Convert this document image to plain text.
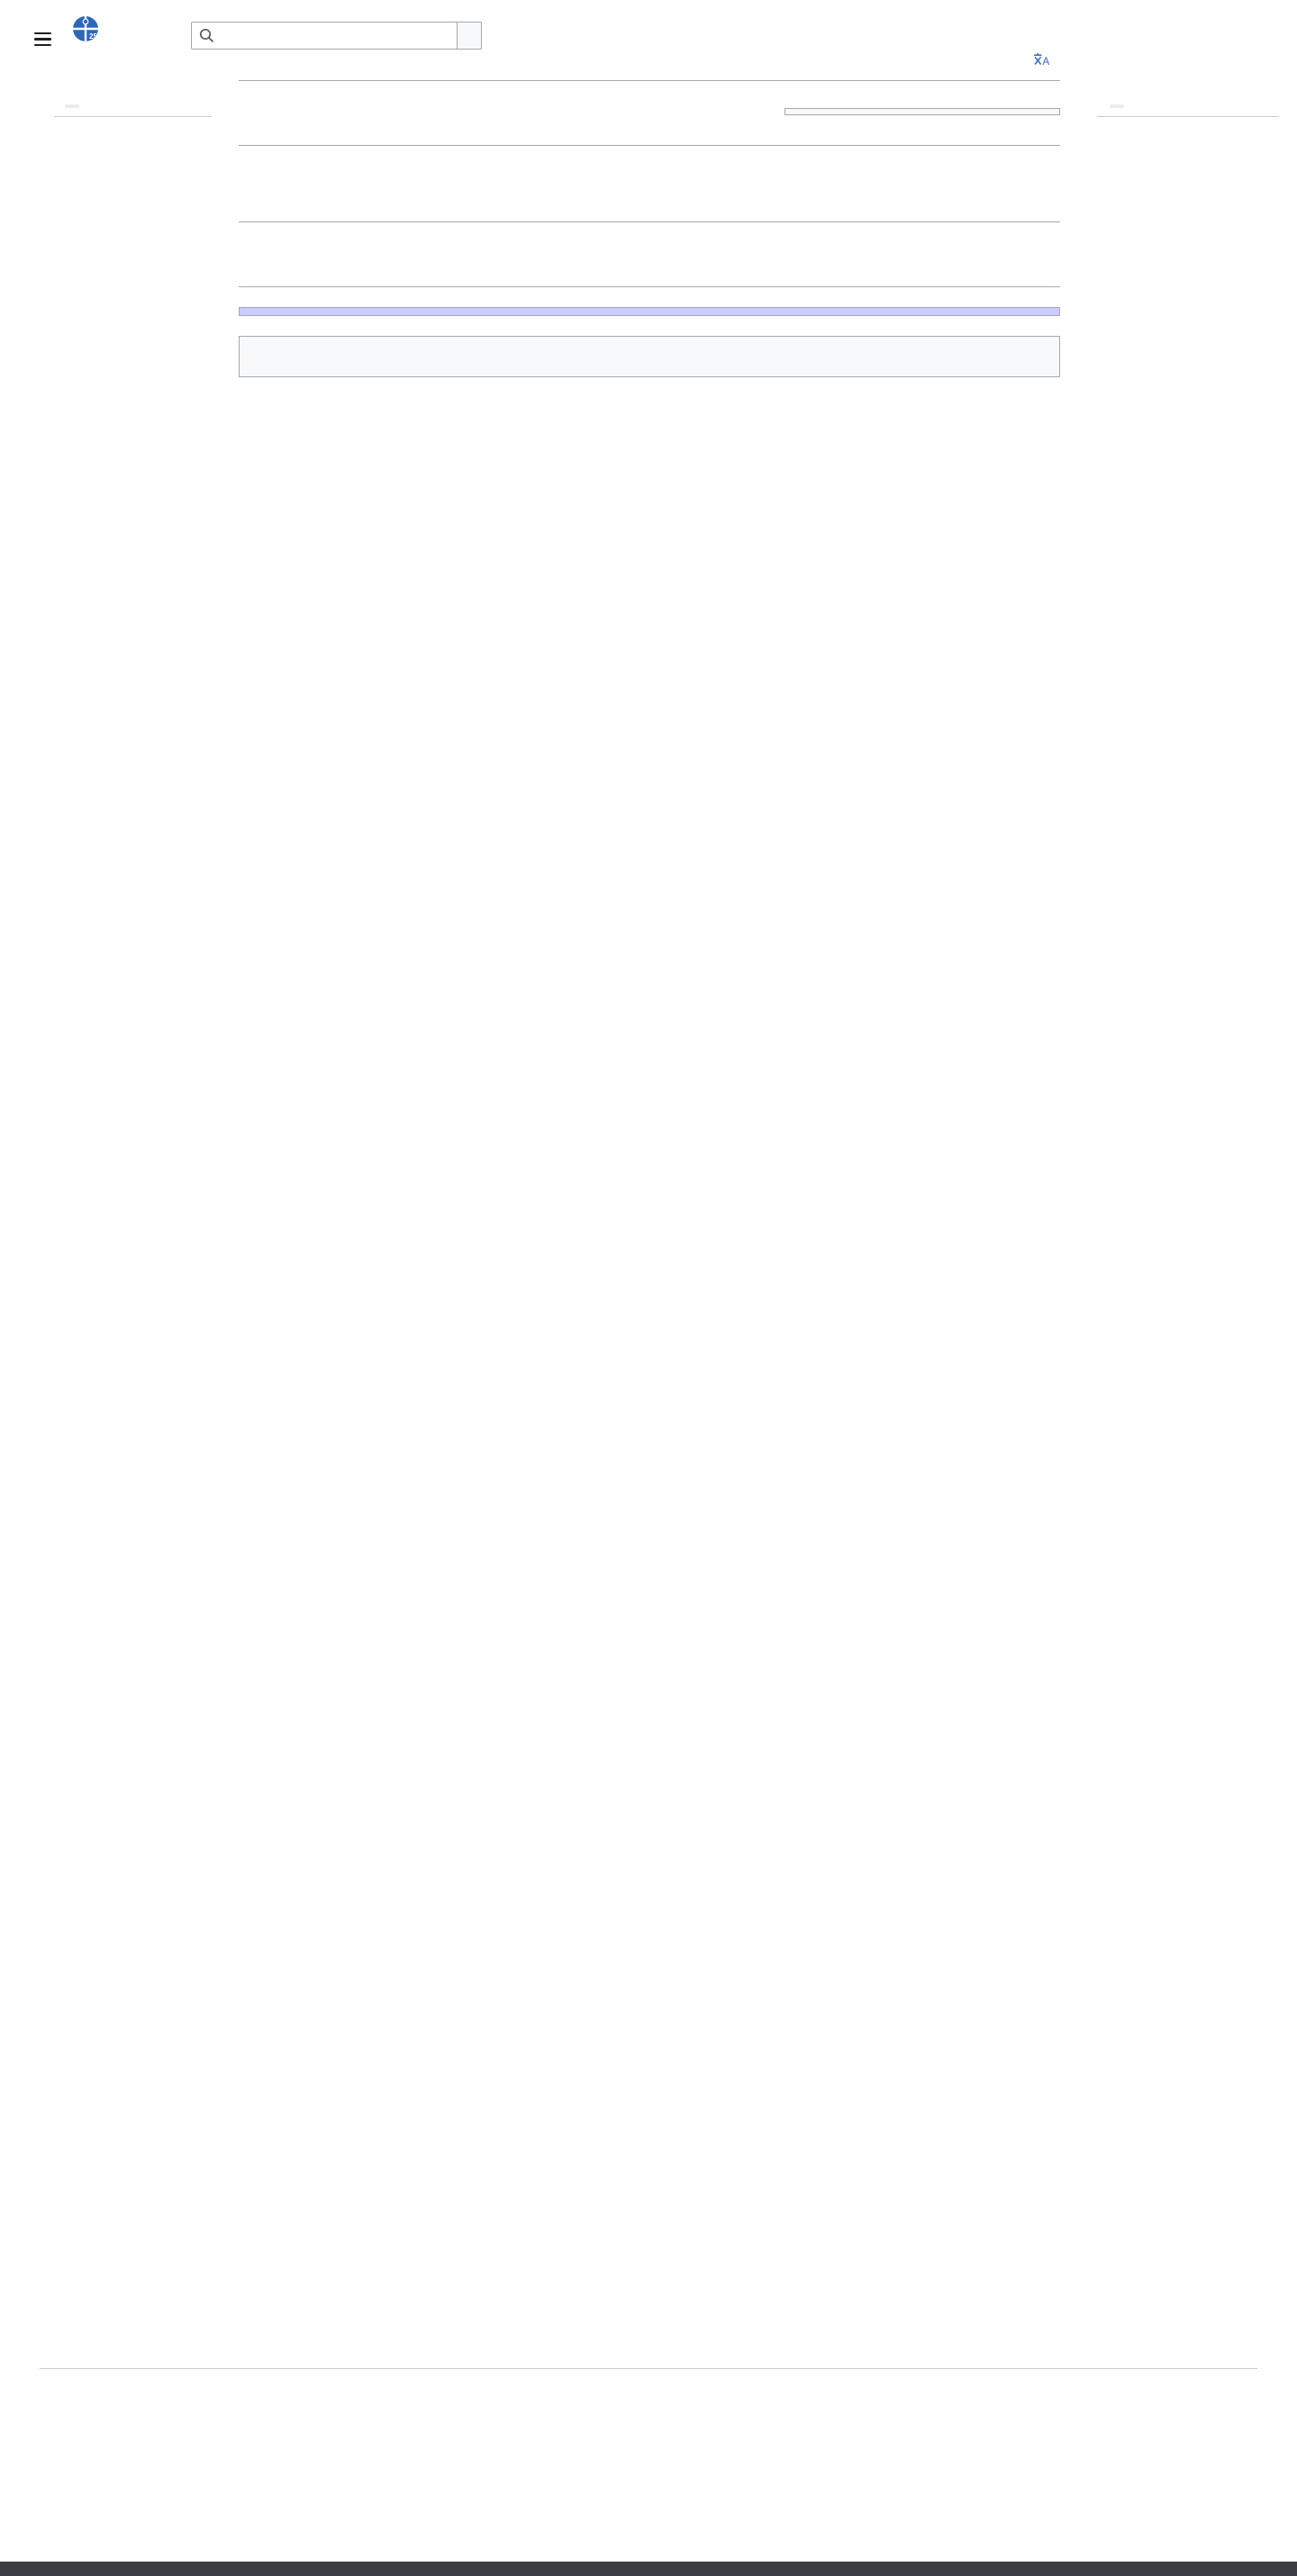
25
A
